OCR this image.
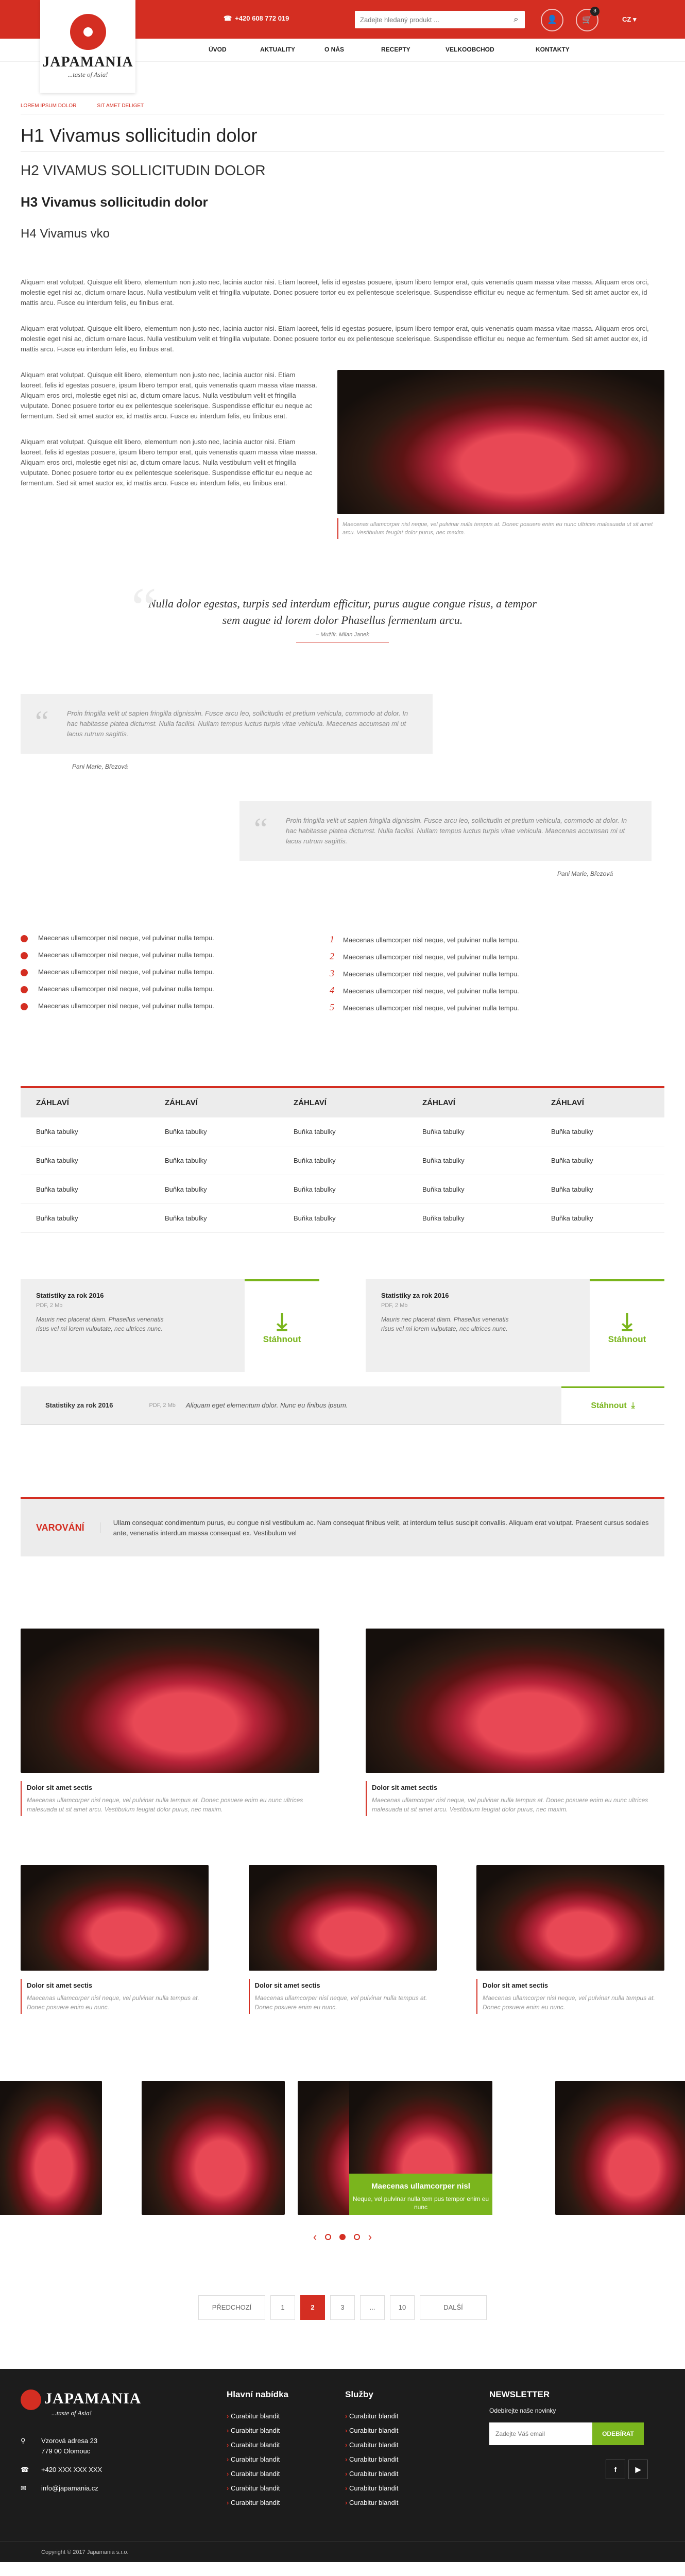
JAPAMANIA
...taste of Asia!
☎ +420 608 772 019
Zadejte hledaný produkt ...	⌕	👤	🛒
3
CZ ▾
ÚVOD	AKTUALITY	O NÁS	RECEPTY	VELKOOBCHOD	KONTAKTY
LOREM IPSUM DOLOR	SIT AMET DELIGET
H1 Vivamus sollicitudin dolor
H2 VIVAMUS SOLLICITUDIN DOLOR
H3 Vivamus sollicitudin dolor
H4 Vivamus vko

Aliquam erat volutpat. Quisque elit libero, elementum non justo nec, lacinia auctor nisi. Etiam laoreet, felis id egestas posuere, ipsum libero tempor erat, quis venenatis quam massa vitae massa. Aliquam eros orci, molestie eget nisi ac, dictum ornare lacus. Nulla vestibulum velit et fringilla vulputate. Donec posuere tortor eu ex pellentesque scelerisque. Suspendisse efficitur eu neque ac fermentum. Sed sit amet auctor ex, id mattis arcu. Fusce eu interdum felis, eu finibus erat.

Aliquam erat volutpat. Quisque elit libero, elementum non justo nec, lacinia auctor nisi. Etiam laoreet, felis id egestas posuere, ipsum libero tempor erat, quis venenatis quam massa vitae massa. Aliquam eros orci, molestie eget nisi ac, dictum ornare lacus. Nulla vestibulum velit et fringilla vulputate. Donec posuere tortor eu ex pellentesque scelerisque. Suspendisse efficitur eu neque ac fermentum. Sed sit amet auctor ex, id mattis arcu. Fusce eu interdum felis, eu finibus erat.

Aliquam erat volutpat. Quisque elit libero, elementum non justo nec, lacinia auctor nisi. Etiam laoreet, felis id egestas posuere, ipsum libero tempor erat, quis venenatis quam massa vitae massa. Aliquam eros orci, molestie eget nisi ac, dictum ornare lacus. Nulla vestibulum velit et fringilla vulputate. Donec posuere tortor eu ex pellentesque scelerisque. Suspendisse efficitur eu neque ac fermentum. Sed sit amet auctor ex, id mattis arcu. Fusce eu interdum felis, eu finibus erat.

Aliquam erat volutpat. Quisque elit libero, elementum non justo nec, lacinia auctor nisi. Etiam laoreet, felis id egestas posuere, ipsum libero tempor erat, quis venenatis quam massa vitae massa. Aliquam eros orci, molestie eget nisi ac, dictum ornare lacus. Nulla vestibulum velit et fringilla vulputate. Donec posuere tortor eu ex pellentesque scelerisque. Suspendisse efficitur eu neque ac fermentum. Sed sit amet auctor ex, id mattis arcu. Fusce eu interdum felis, eu finibus erat.

Maecenas ullamcorper nisl neque, vel pulvinar nulla tempus at. Donec posuere enim eu nunc ultrices malesuada ut sit amet arcu. Vestibulum feugiat dolor purus, nec maxim.
“
Nulla dolor egestas, turpis sed interdum efficitur, purus augue congue risus, a tempor sem augue id lorem dolor Phasellus fermentum arcu.
– Mužiír. Milan Janek
“	Proin fringilla velit ut sapien fringilla dignissim. Fusce arcu leo, sollicitudin et pretium vehicula, commodo at dolor. In hac habitasse platea dictumst. Nulla facilisi. Nullam tempus luctus turpis vitae vehicula. Maecenas accumsan mi ut lacus rutrum sagittis.

Pani Marie, Březová
“	Proin fringilla velit ut sapien fringilla dignissim. Fusce arcu leo, sollicitudin et pretium vehicula, commodo at dolor. In hac habitasse platea dictumst. Nulla facilisi. Nullam tempus luctus turpis vitae vehicula. Maecenas accumsan mi ut lacus rutrum sagittis.

Pani Marie, Březová
Maecenas ullamcorper nisl neque, vel pulvinar nulla tempu.
Maecenas ullamcorper nisl neque, vel pulvinar nulla tempu.
Maecenas ullamcorper nisl neque, vel pulvinar nulla tempu.
Maecenas ullamcorper nisl neque, vel pulvinar nulla tempu.
Maecenas ullamcorper nisl neque, vel pulvinar nulla tempu.
1 Maecenas ullamcorper nisl neque, vel pulvinar nulla tempu.
2 Maecenas ullamcorper nisl neque, vel pulvinar nulla tempu.
3 Maecenas ullamcorper nisl neque, vel pulvinar nulla tempu.
4 Maecenas ullamcorper nisl neque, vel pulvinar nulla tempu.
5 Maecenas ullamcorper nisl neque, vel pulvinar nulla tempu.
ZÁHLAVÍ	ZÁHLAVÍ	ZÁHLAVÍ	ZÁHLAVÍ	ZÁHLAVÍ
Buňka tabulky	Buňka tabulky	Buňka tabulky	Buňka tabulky	Buňka tabulky
Buňka tabulky	Buňka tabulky	Buňka tabulky	Buňka tabulky	Buňka tabulky
Buňka tabulky	Buňka tabulky	Buňka tabulky	Buňka tabulky	Buňka tabulky
Buňka tabulky	Buňka tabulky	Buňka tabulky	Buňka tabulky	Buňka tabulky
Statistiky za rok 2016
PDF, 2 Mb
Mauris nec placerat diam. Phasellus venenatis risus vel mi lorem vulputate, nec ultrices nunc.	⤓
Stáhnout
Statistiky za rok 2016
PDF, 2 Mb
Mauris nec placerat diam. Phasellus venenatis risus vel mi lorem vulputate, nec ultrices nunc.	⤓
Stáhnout
Statistiky za rok 2016	PDF, 2 Mb Aliquam eget elementum dolor. Nunc eu finibus ipsum.	Stáhnout
⤓
VAROVÁNÍ	Ullam consequat condimentum purus, eu congue nisl vestibulum ac. Nam consequat finibus velit, at interdum tellus suscipit convallis. Aliquam erat volutpat. Praesent cursus sodales ante, venenatis interdum massa consequat ex. Vestibulum vel
Dolor sit amet sectis

Maecenas ullamcorper nisl neque, vel pulvinar nulla tempus at. Donec posuere enim eu nunc ultrices malesuada ut sit amet arcu. Vestibulum feugiat dolor purus, nec maxim.

Dolor sit amet sectis

Maecenas ullamcorper nisl neque, vel pulvinar nulla tempus at. Donec posuere enim eu nunc ultrices malesuada ut sit amet arcu. Vestibulum feugiat dolor purus, nec maxim.

Dolor sit amet sectis

Maecenas ullamcorper nisl neque, vel pulvinar nulla tempus at. Donec posuere enim eu nunc.

Dolor sit amet sectis

Maecenas ullamcorper nisl neque, vel pulvinar nulla tempus at. Donec posuere enim eu nunc.

Dolor sit amet sectis

Maecenas ullamcorper nisl neque, vel pulvinar nulla tempus at. Donec posuere enim eu nunc.

Maecenas ullamcorper nisl

Neque, vel pulvinar nulla tem pus tempor enim eu nunc

‹	›
PŘEDCHOZÍ	1	2	3	...	10	DALŠÍ
JAPAMANIA
...taste of Asia!
⚲ Vzorová adresa 23
779 00 Olomouc
☎ +420 XXX XXX XXX
✉ info@japamania.cz
Hlavní nabídka
› Curabitur blandit
› Curabitur blandit
› Curabitur blandit
› Curabitur blandit
› Curabitur blandit
› Curabitur blandit
› Curabitur blandit
Služby
› Curabitur blandit
› Curabitur blandit
› Curabitur blandit
› Curabitur blandit
› Curabitur blandit
› Curabitur blandit
› Curabitur blandit
NEWSLETTER

Odebírejte naše novinky

Zadejte Váš email
ODEBÍRAT
f	▶
Copyright © 2017 Japamania s.r.o.
